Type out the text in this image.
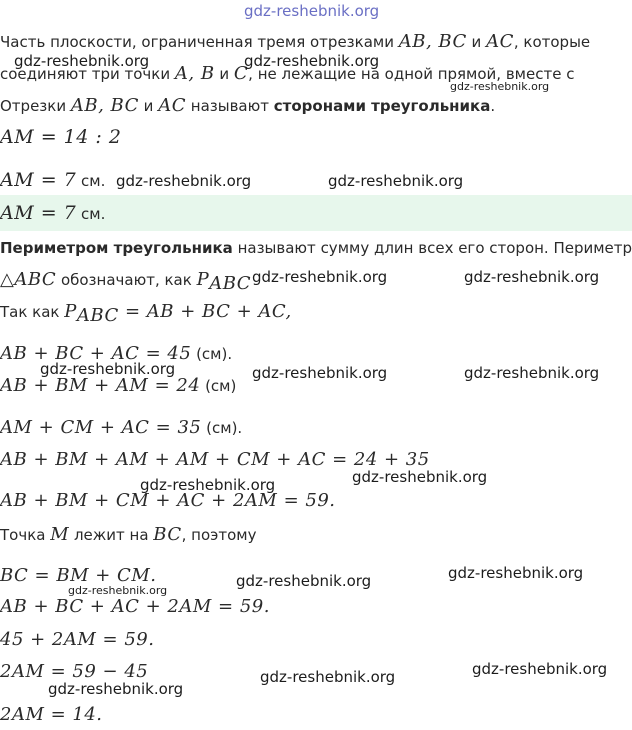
gdz-reshebnik.org
Часть плоскости, ограниченная тремя отрезками AB, BC и AC, которые
соединяют три точки A, B и C, не лежащие на одной прямой, вместе с
Отрезки AB, BC и AC называют сторонами треугольника.
AM = 14 : 2
AM = 7 см.
AM = 7 см.
Периметром треугольника называют сумму длин всех его сторон. Периметр
△ABC обозначают, как $P_{ABC}$
Так как $P_{ABC}$ = AB + BC + AC,
AB + BC + AC = 45 (см).
AB + BM + AM = 24 (см)
AM + CM + AC = 35 (см).
AB + BM + AM + AM + CM + AC = 24 + 35
AB + BM + CM + AC + 2AM = 59.
Точка M лежит на BC, поэтому
BC = BM + CM.
AB + BC + AC + 2AM = 59.
45 + 2AM = 59.
2AM = 59 − 45
2AM = 14.
gdz-reshebnik.org	gdz-reshebnik.org
gdz-reshebnik.org
gdz-reshebnik.org	gdz-reshebnik.org
gdz-reshebnik.org	gdz-reshebnik.org
gdz-reshebnik.org	gdz-reshebnik.org	gdz-reshebnik.org
gdz-reshebnik.org
gdz-reshebnik.org
gdz-reshebnik.org	gdz-reshebnik.org
gdz-reshebnik.org
gdz-reshebnik.org
gdz-reshebnik.org
gdz-reshebnik.org
